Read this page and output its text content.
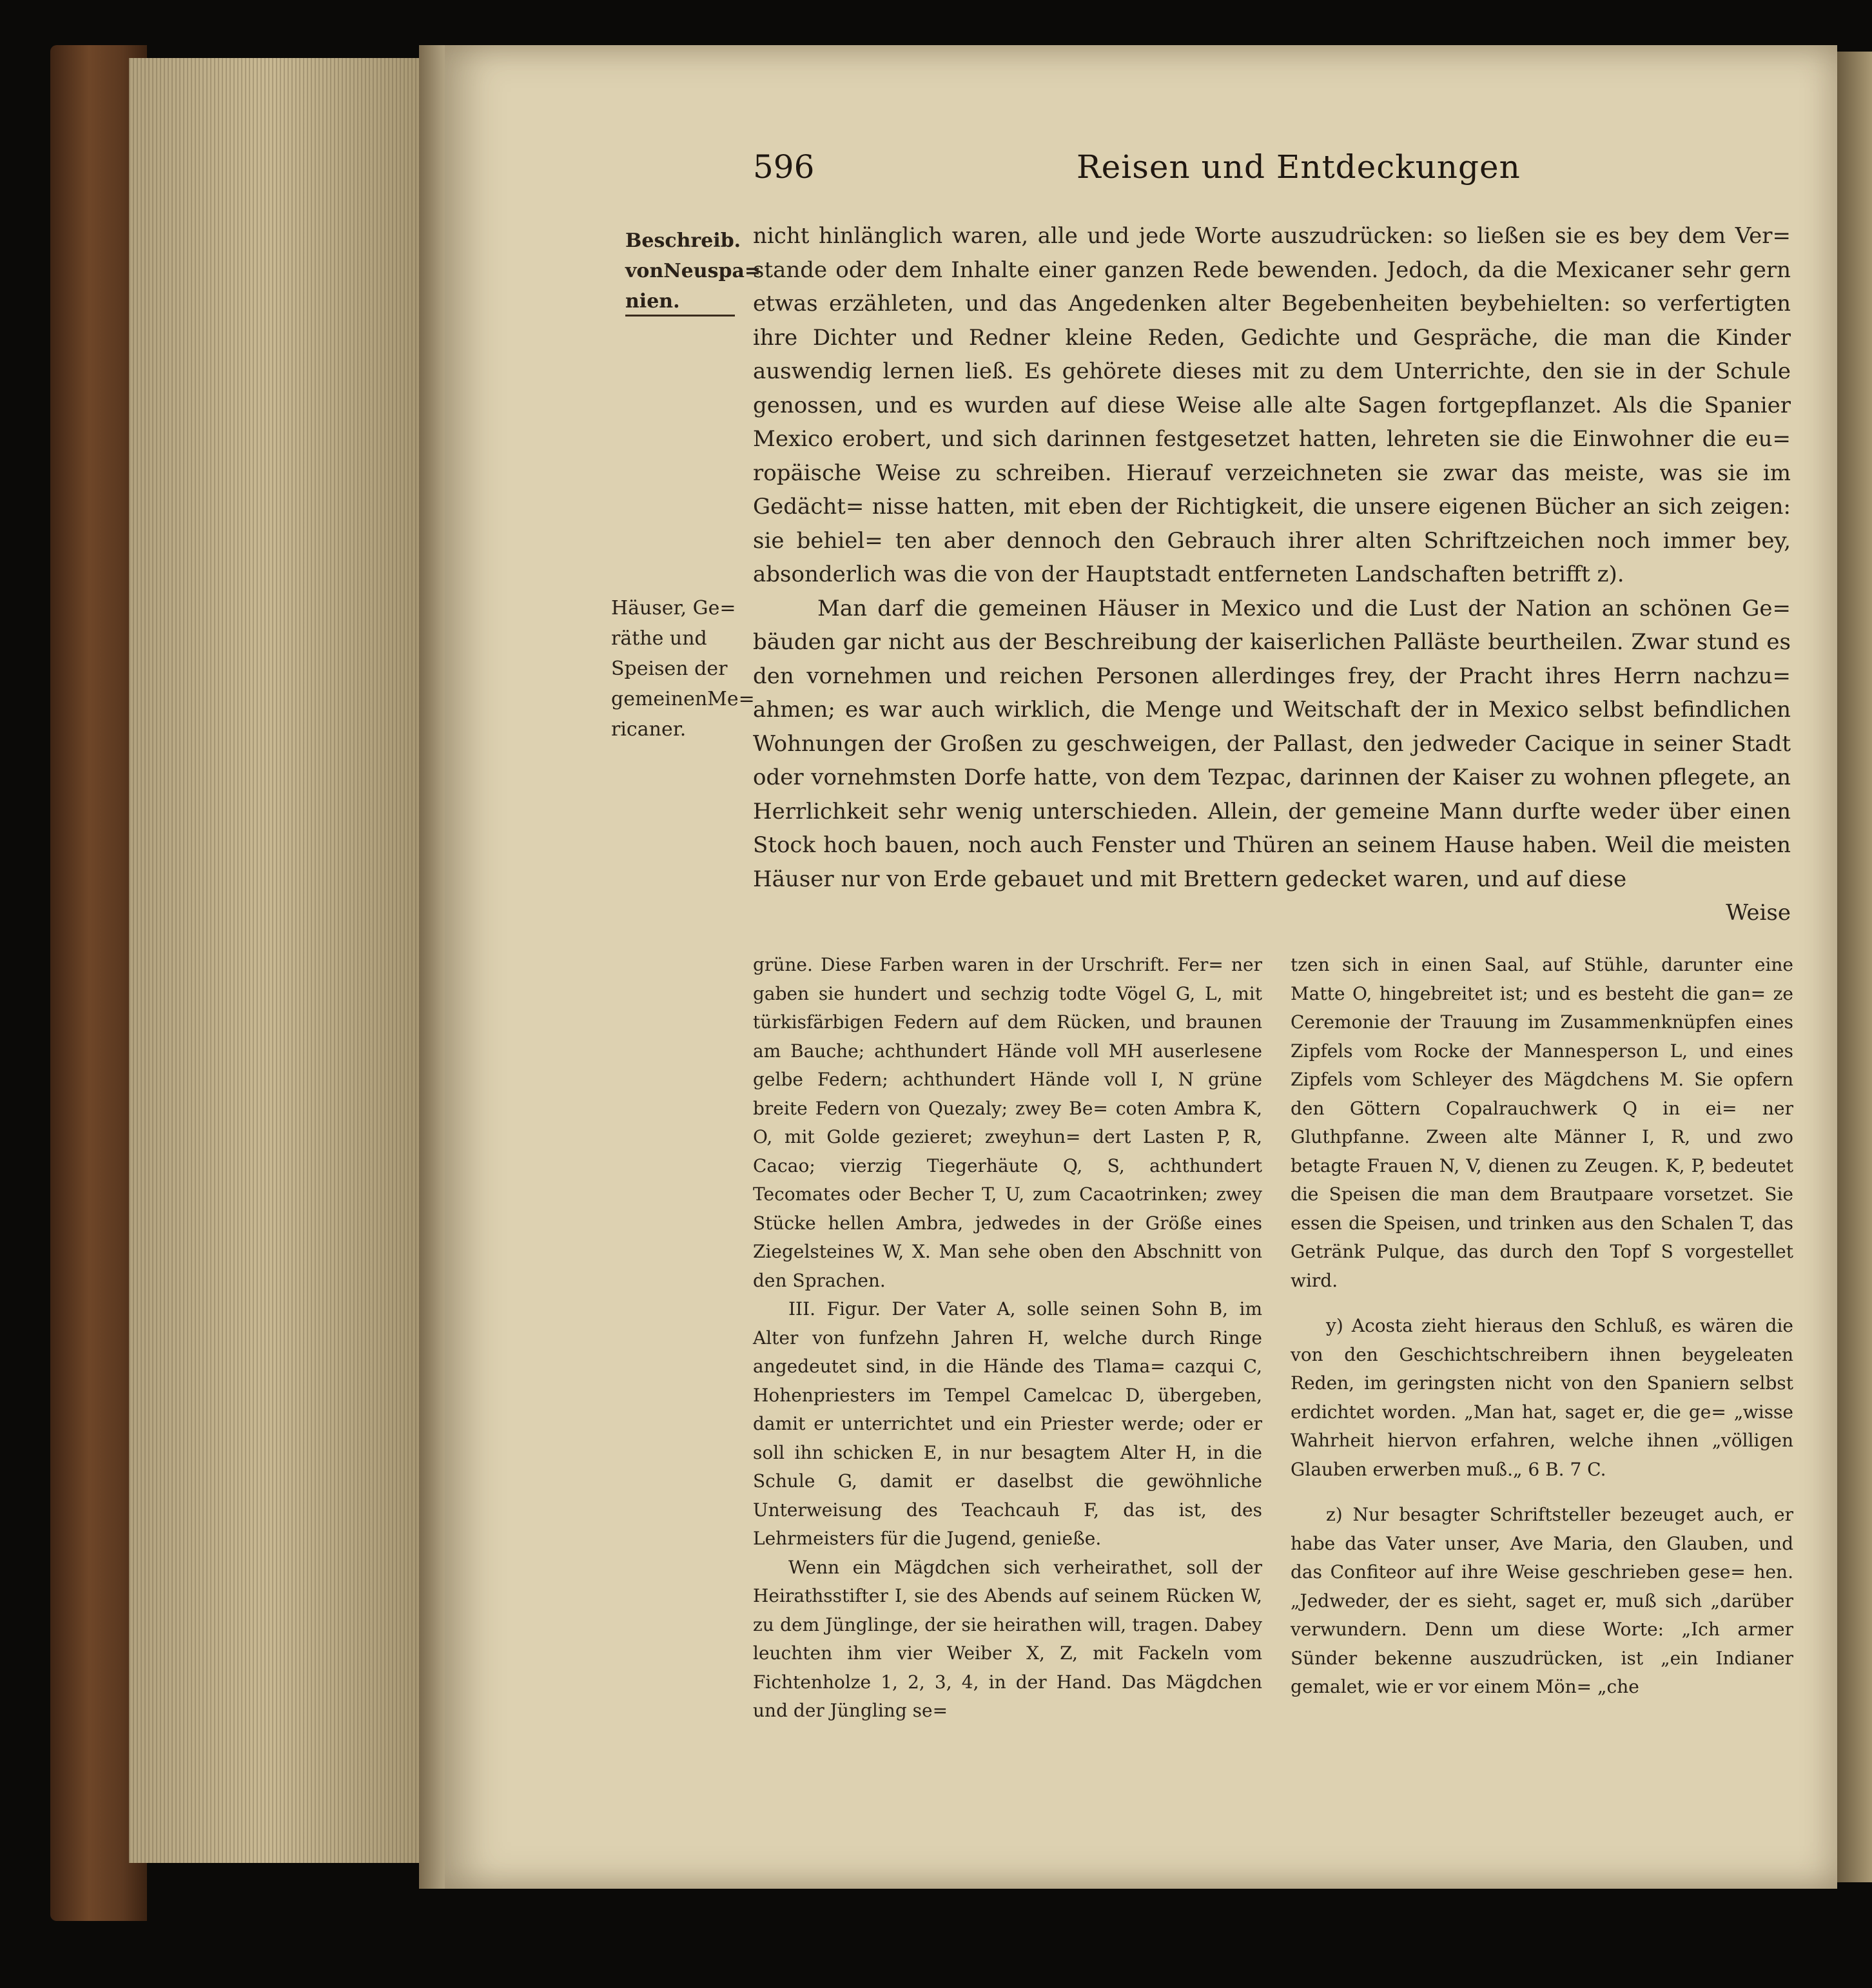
596	Reisen und Entdeckungen
Beschreib.
vonNeuspa=
nien.
Häuser, Ge=
räthe und
Speisen der
gemeinenMe=
ricaner.

nicht hinlänglich waren, alle und jede Worte auszudrücken: so ließen sie es bey dem Ver= stande oder dem Inhalte einer ganzen Rede bewenden. Jedoch, da die Mexicaner sehr gern etwas erzähleten, und das Angedenken alter Begebenheiten beybehielten: so verfertigten ihre Dichter und Redner kleine Reden, Gedichte und Gespräche, die man die Kinder auswendig lernen ließ. Es gehörete dieses mit zu dem Unterrichte, den sie in der Schule genossen, und es wurden auf diese Weise alle alte Sagen fortgepflanzet. Als die Spanier Mexico erobert, und sich darinnen festgesetzet hatten, lehreten sie die Einwohner die eu= ropäische Weise zu schreiben. Hierauf verzeichneten sie zwar das meiste, was sie im Gedächt= nisse hatten, mit eben der Richtigkeit, die unsere eigenen Bücher an sich zeigen: sie behiel= ten aber dennoch den Gebrauch ihrer alten Schriftzeichen noch immer bey, absonderlich was die von der Hauptstadt entferneten Landschaften betrifft z).

Man darf die gemeinen Häuser in Mexico und die Lust der Nation an schönen Ge= bäuden gar nicht aus der Beschreibung der kaiserlichen Palläste beurtheilen. Zwar stund es den vornehmen und reichen Personen allerdinges frey, der Pracht ihres Herrn nachzu= ahmen; es war auch wirklich, die Menge und Weitschaft der in Mexico selbst befindlichen Wohnungen der Großen zu geschweigen, der Pallast, den jedweder Cacique in seiner Stadt oder vornehmsten Dorfe hatte, von dem Tezpac, darinnen der Kaiser zu wohnen pflegete, an Herrlichkeit sehr wenig unterschieden. Allein, der gemeine Mann durfte weder über einen Stock hoch bauen, noch auch Fenster und Thüren an seinem Hause haben. Weil die meisten Häuser nur von Erde gebauet und mit Brettern gedecket waren, und auf diese

Weise

grüne. Diese Farben waren in der Urschrift. Fer= ner gaben sie hundert und sechzig todte Vögel G, L, mit türkisfärbigen Federn auf dem Rücken, und braunen am Bauche; achthundert Hände voll MH auserlesene gelbe Federn; achthundert Hände voll I, N grüne breite Federn von Quezaly; zwey Be= coten Ambra K, O, mit Golde gezieret; zweyhun= dert Lasten P, R, Cacao; vierzig Tiegerhäute Q, S, achthundert Tecomates oder Becher T, U, zum Cacaotrinken; zwey Stücke hellen Ambra, jedwedes in der Größe eines Ziegelsteines W, X. Man sehe oben den Abschnitt von den Sprachen.

III. Figur. Der Vater A, solle seinen Sohn B, im Alter von funfzehn Jahren H, welche durch Ringe angedeutet sind, in die Hände des Tlama= cazqui C, Hohenpriesters im Tempel Camelcac D, übergeben, damit er unterrichtet und ein Priester werde; oder er soll ihn schicken E, in nur besagtem Alter H, in die Schule G, damit er daselbst die gewöhnliche Unterweisung des Teachcauh F, das ist, des Lehrmeisters für die Jugend, genieße.

Wenn ein Mägdchen sich verheirathet, soll der Heirathsstifter I, sie des Abends auf seinem Rücken W, zu dem Jünglinge, der sie heirathen will, tragen. Dabey leuchten ihm vier Weiber X, Z, mit Fackeln vom Fichtenholze 1, 2, 3, 4, in der Hand. Das Mägdchen und der Jüngling se=

tzen sich in einen Saal, auf Stühle, darunter eine Matte O, hingebreitet ist; und es besteht die gan= ze Ceremonie der Trauung im Zusammenknüpfen eines Zipfels vom Rocke der Mannesperson L, und eines Zipfels vom Schleyer des Mägdchens M. Sie opfern den Göttern Copalrauchwerk Q in ei= ner Gluthpfanne. Zween alte Männer I, R, und zwo betagte Frauen N, V, dienen zu Zeugen. K, P, bedeutet die Speisen die man dem Brautpaare vorsetzet. Sie essen die Speisen, und trinken aus den Schalen T, das Getränk Pulque, das durch den Topf S vorgestellet wird.

y) Acosta zieht hieraus den Schluß, es wären die von den Geschichtschreibern ihnen beygeleaten Reden, im geringsten nicht von den Spaniern selbst erdichtet worden. „Man hat, saget er, die ge= „wisse Wahrheit hiervon erfahren, welche ihnen „völligen Glauben erwerben muß.„ 6 B. 7 C.

z) Nur besagter Schriftsteller bezeuget auch, er habe das Vater unser, Ave Maria, den Glauben, und das Confiteor auf ihre Weise geschrieben gese= hen. „Jedweder, der es sieht, saget er, muß sich „darüber verwundern. Denn um diese Worte: „Ich armer Sünder bekenne auszudrücken, ist „ein Indianer gemalet, wie er vor einem Mön= „che
